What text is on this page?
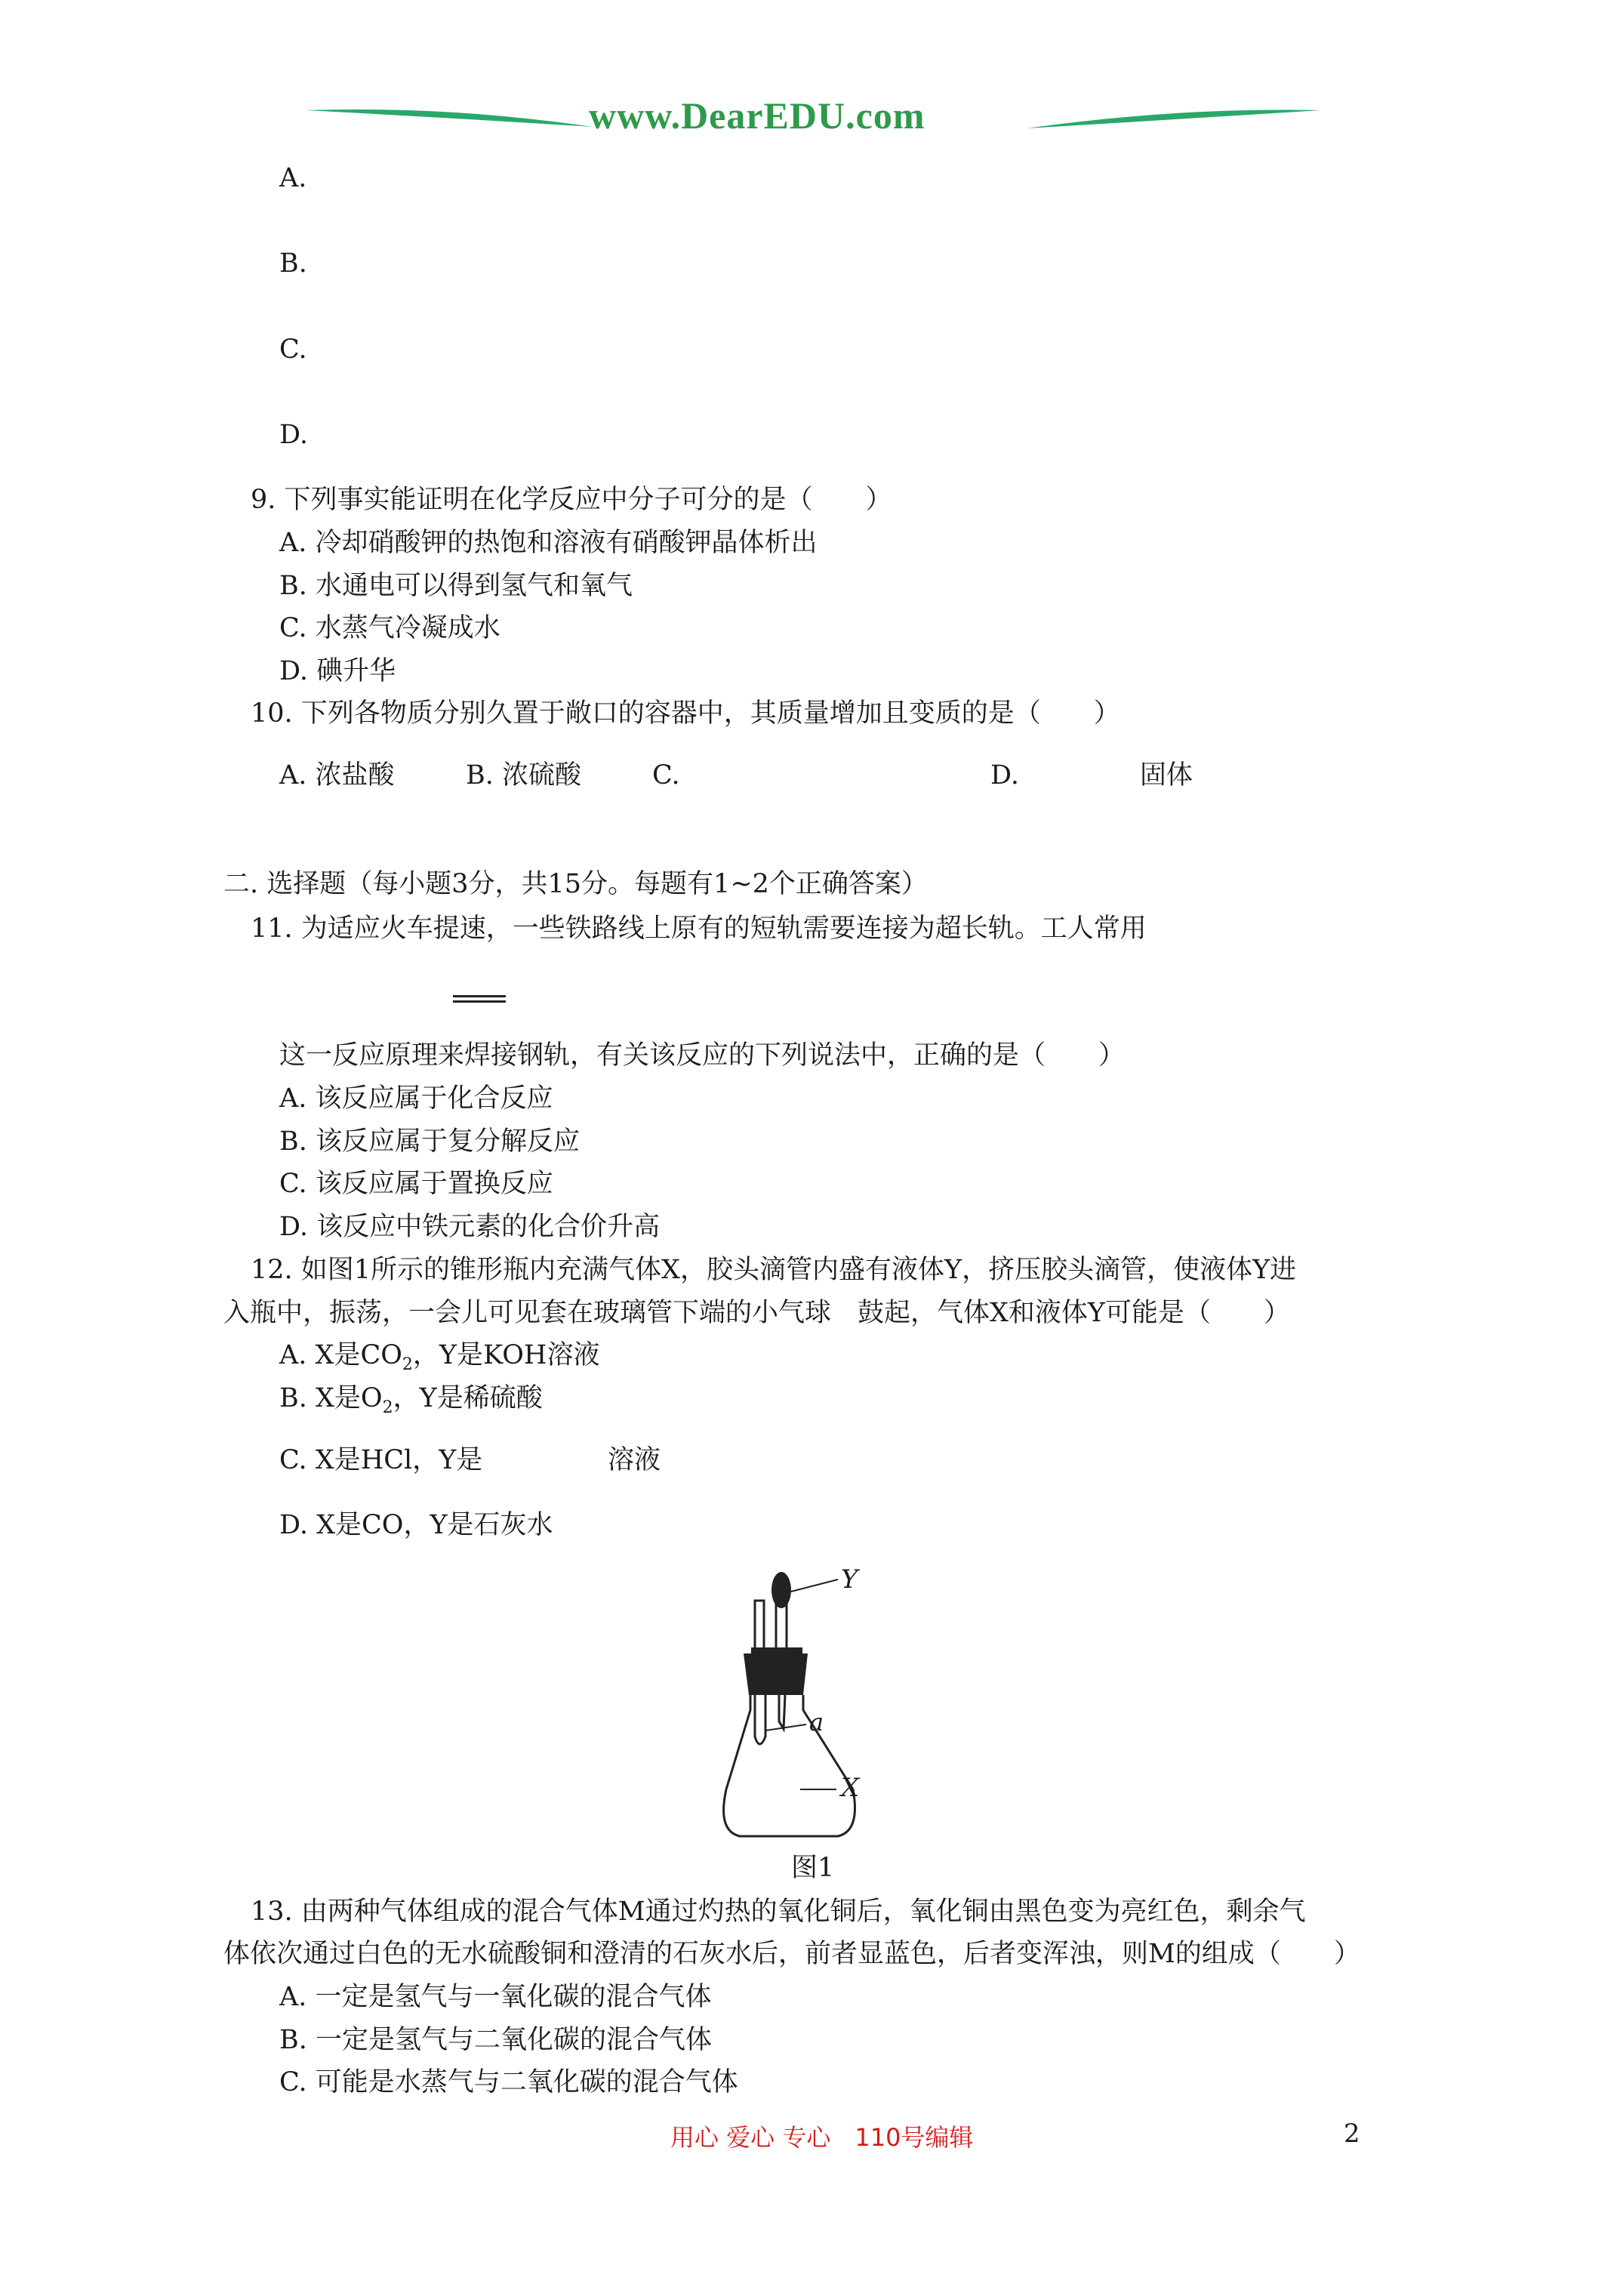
www.DearEDU.com
A.
B.
C.
D.
9. 下列事实能证明在化学反应中分子可分的是（　　）
A. 冷却硝酸钾的热饱和溶液有硝酸钾晶体析出
B. 水通电可以得到氢气和氧气
C. 水蒸气冷凝成水
D. 碘升华
10. 下列各物质分别久置于敞口的容器中，其质量增加且变质的是（　　）
A. 浓盐酸	B. 浓硫酸	C.	D.	固体
二. 选择题（每小题3分，共15分。每题有1~2个正确答案）
11. 为适应火车提速，一些铁路线上原有的短轨需要连接为超长轨。工人常用
这一反应原理来焊接钢轨，有关该反应的下列说法中，正确的是（　　）
A. 该反应属于化合反应
B. 该反应属于复分解反应
C. 该反应属于置换反应
D. 该反应中铁元素的化合价升高
12. 如图1所示的锥形瓶内充满气体X，胶头滴管内盛有液体Y，挤压胶头滴管，使液体Y进
入瓶中，振荡，一会儿可见套在玻璃管下端的小气球　鼓起，气体X和液体Y可能是（　　）
A. X是$CO_2$，Y是KOH溶液
B. X是$O_2$，Y是稀硫酸
C. X是HCl，Y是	溶液
D. X是CO，Y是石灰水
Y
a
X
图1
13. 由两种气体组成的混合气体M通过灼热的氧化铜后，氧化铜由黑色变为亮红色，剩余气
体依次通过白色的无水硫酸铜和澄清的石灰水后，前者显蓝色，后者变浑浊，则M的组成（　　）
A. 一定是氢气与一氧化碳的混合气体
B. 一定是氢气与二氧化碳的混合气体
C. 可能是水蒸气与二氧化碳的混合气体
用心 爱心 专心　110号编辑	2
